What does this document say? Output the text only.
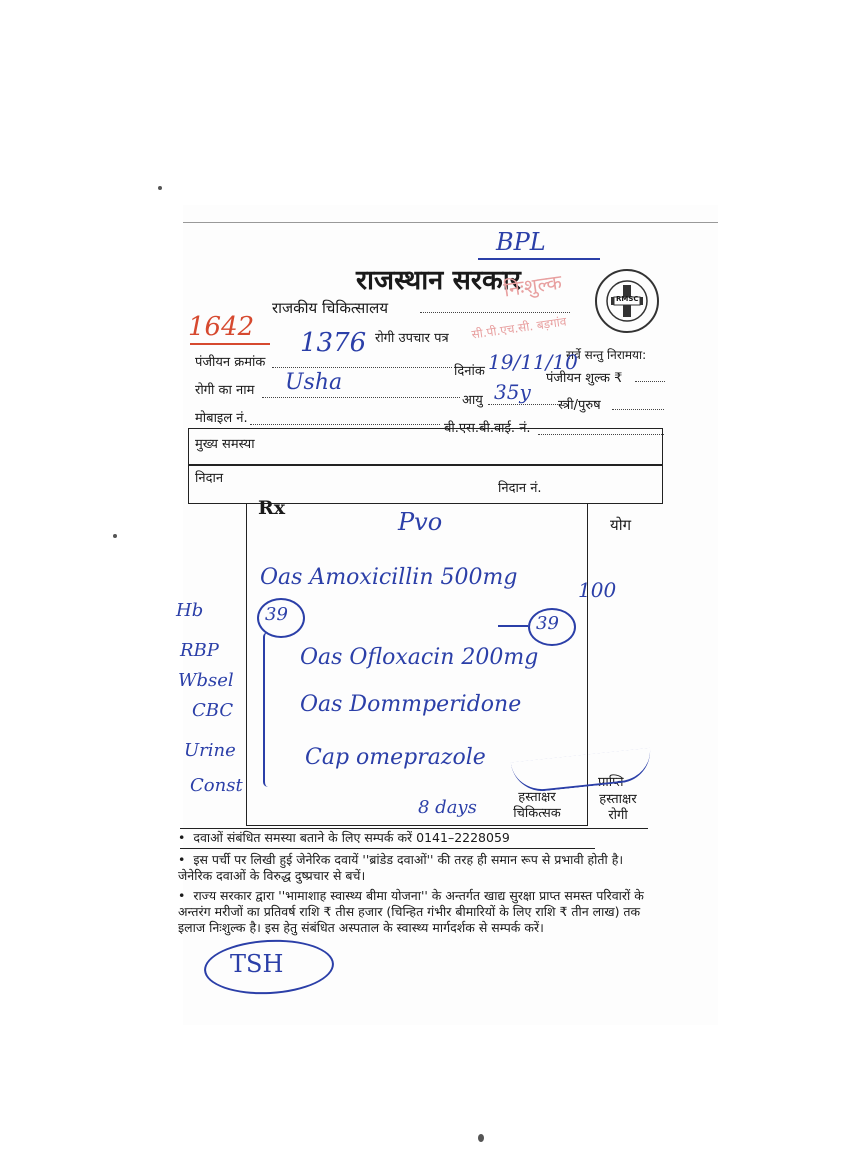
BPL
राजस्थान सरकार
राजकीय चिकित्सालय
निःशुल्क
सी.पी.एच.सी. बड़गांव
RMSC
1642
1376 रोगी उपचार पत्र
सर्वे सन्तु निरामया:
पंजीयन क्रमांक
दिनांक 19/11/10
पंजीयन शुल्क ₹
रोगी का नाम Usha
आयु 35y
स्त्री/पुरुष
मोबाइल नं.
बी.एस.बी.वाई. नं.
मुख्य समस्या
निदान
निदान नं.
Rx
योग
Pvo
Oas Amoxicillin 500mg	100
39	39
Oas Ofloxacin 200mg
Oas Dommperidone
Cap omeprazole
8 days
Hb
RBP
Wbsel
CBC
Urine
Const
हस्ताक्षर चिकित्सक
प्राप्ति
हस्ताक्षर रोगी
•  दवाओं संबंधित समस्या बताने के लिए सम्पर्क करें 0141–2228059
•  इस पर्ची पर लिखी हुई जेनेरिक दवायें ''ब्रांडेड दवाओं'' की तरह ही समान रूप से प्रभावी होती है। जेनेरिक दवाओं के विरुद्ध दुष्प्रचार से बचें।
•  राज्य सरकार द्वारा ''भामाशाह स्वास्थ्य बीमा योजना'' के अन्तर्गत खाद्य सुरक्षा प्राप्त समस्त परिवारों के अन्तरंग मरीजों का प्रतिवर्ष राशि ₹ तीस हजार (चिन्हित गंभीर बीमारियों के लिए राशि ₹ तीन लाख) तक इलाज निःशुल्क है। इस हेतु संबंधित अस्पताल के स्वास्थ्य मार्गदर्शक से सम्पर्क करें।
TSH
